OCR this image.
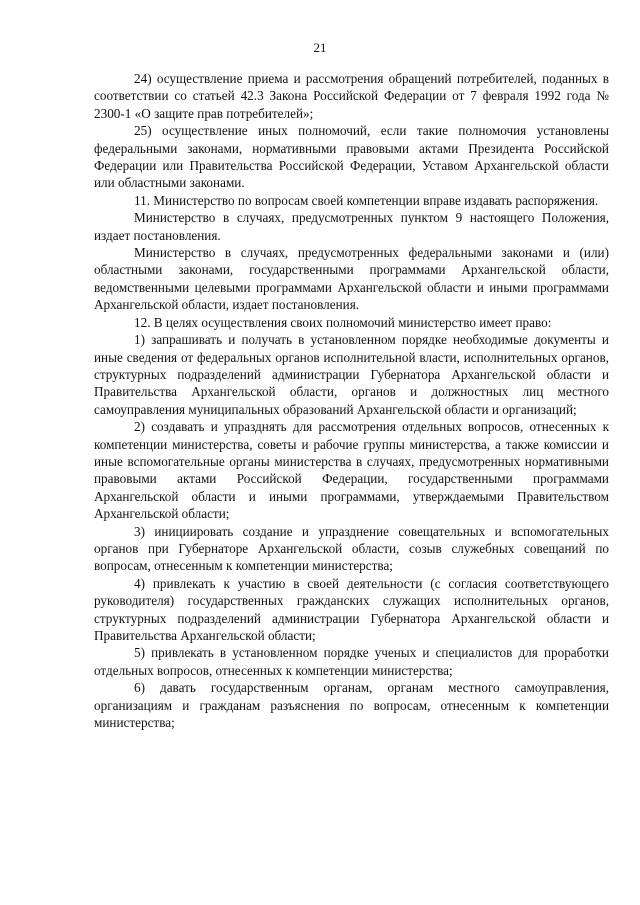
21

24) осуществление приема и рассмотрения обращений потребителей, поданных в соответствии со статьей 42.3 Закона Российской Федерации от 7 февраля 1992 года № 2300-1 «О защите прав потребителей»;

25) осуществление иных полномочий, если такие полномочия установлены федеральными законами, нормативными правовыми актами Президента Российской Федерации или Правительства Российской Федерации, Уставом Архангельской области или областными законами.

11. Министерство по вопросам своей компетенции вправе издавать распоряжения.

Министерство в случаях, предусмотренных пунктом 9 настоящего Положения, издает постановления.

Министерство в случаях, предусмотренных федеральными законами и (или) областными законами, государственными программами Архангельской области, ведомственными целевыми программами Архангельской области и иными программами Архангельской области, издает постановления.

12. В целях осуществления своих полномочий министерство имеет право:

1) запрашивать и получать в установленном порядке необходимые документы и иные сведения от федеральных органов исполнительной власти, исполнительных органов, структурных подразделений администрации Губернатора Архангельской области и Правительства Архангельской области, органов и должностных лиц местного самоуправления муниципальных образований Архангельской области и организаций;

2) создавать и упразднять для рассмотрения отдельных вопросов, отнесенных к компетенции министерства, советы и рабочие группы министерства, а также комиссии и иные вспомогательные органы министерства в случаях, предусмотренных нормативными правовыми актами Российской Федерации, государственными программами Архангельской области и иными программами, утверждаемыми Правительством Архангельской области;

3) инициировать создание и упразднение совещательных и вспомогательных органов при Губернаторе Архангельской области, созыв служебных совещаний по вопросам, отнесенным к компетенции министерства;

4) привлекать к участию в своей деятельности (с согласия соответствующего руководителя) государственных гражданских служащих исполнительных органов, структурных подразделений администрации Губернатора Архангельской области и Правительства Архангельской области;

5) привлекать в установленном порядке ученых и специалистов для проработки отдельных вопросов, отнесенных к компетенции министерства;

6) давать государственным органам, органам местного самоуправления, организациям и гражданам разъяснения по вопросам, отнесенным к компетенции министерства;
